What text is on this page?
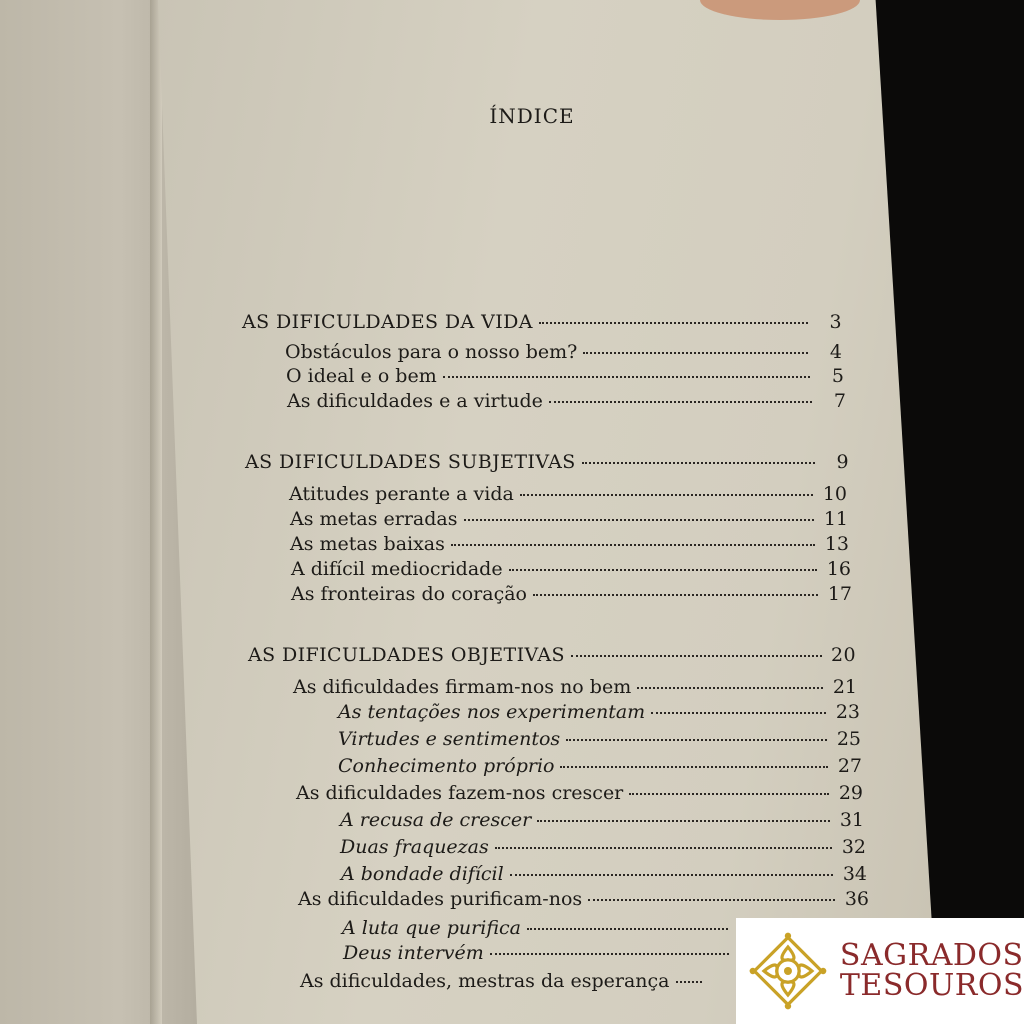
ÍNDICE
AS DIFICULDADES DA VIDA	3
Obstáculos para o nosso bem?	4
O ideal e o bem	5
As dificuldades e a virtude	7
AS DIFICULDADES SUBJETIVAS	9
Atitudes perante a vida	10
As metas erradas	11
As metas baixas	13
A difícil mediocridade	16
As fronteiras do coração	17
AS DIFICULDADES OBJETIVAS	20
As dificuldades firmam-nos no bem	21
As tentações nos experimentam	23
Virtudes e sentimentos	25
Conhecimento próprio	27
As dificuldades fazem-nos crescer	29
A recusa de crescer	31
Duas fraquezas	32
A bondade difícil	34
As dificuldades purificam-nos	36
A luta que purifica
Deus intervém
As dificuldades, mestras da esperança
SAGRADOS
TESOUROS
